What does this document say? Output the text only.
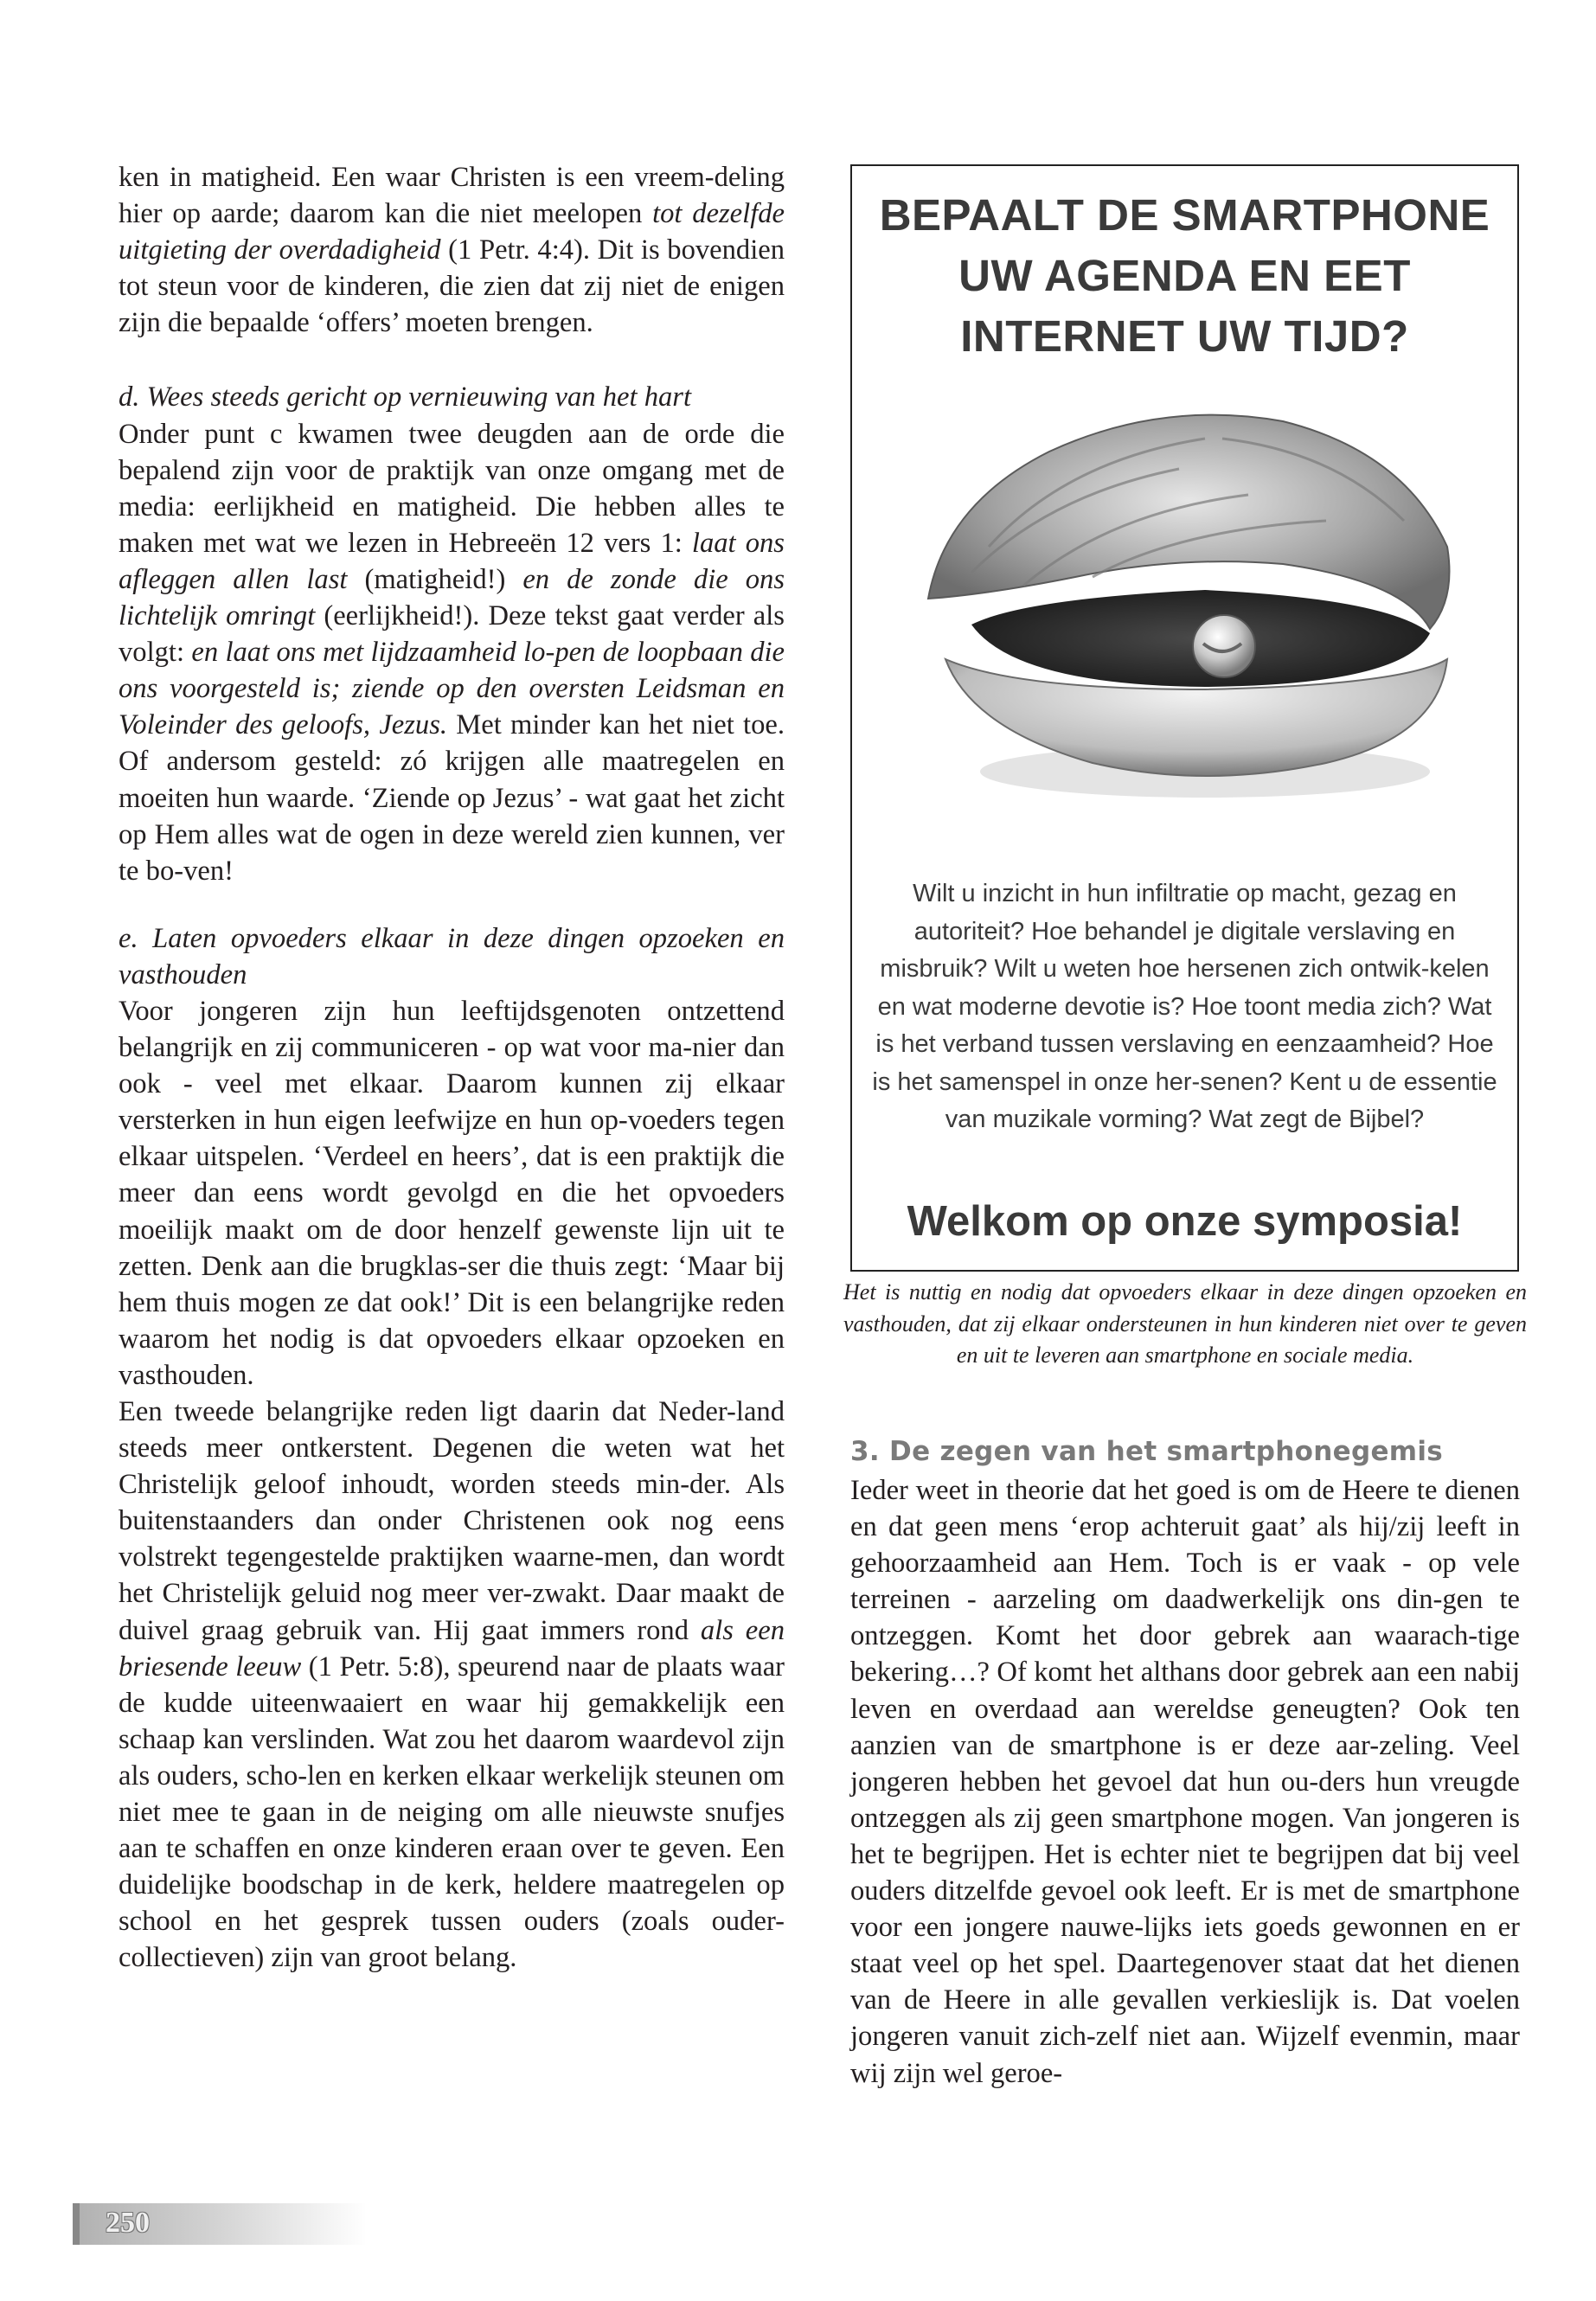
ken in matigheid. Een waar Christen is een vreem-deling hier op aarde; daarom kan die niet meelopen tot dezelfde uitgieting der overdadigheid (1 Petr. 4:4). Dit is bovendien tot steun voor de kinderen, die zien dat zij niet de enigen zijn die bepaalde ‘offers’ moeten brengen.

d. Wees steeds gericht op vernieuwing van het hart

Onder punt c kwamen twee deugden aan de orde die bepalend zijn voor de praktijk van onze omgang met de media: eerlijkheid en matigheid. Die hebben alles te maken met wat we lezen in Hebreeën 12 vers 1: laat ons afleggen allen last (matigheid!) en de zonde die ons lichtelijk omringt (eerlijkheid!). Deze tekst gaat verder als volgt: en laat ons met lijdzaamheid lo-pen de loopbaan die ons voorgesteld is; ziende op den oversten Leidsman en Voleinder des geloofs, Jezus. Met minder kan het niet toe. Of andersom gesteld: zó krijgen alle maatregelen en moeiten hun waarde. ‘Ziende op Jezus’ - wat gaat het zicht op Hem alles wat de ogen in deze wereld zien kunnen, ver te bo-ven!

e. Laten opvoeders elkaar in deze dingen opzoeken en vasthouden

Voor jongeren zijn hun leeftijdsgenoten ontzettend belangrijk en zij communiceren - op wat voor ma-nier dan ook - veel met elkaar. Daarom kunnen zij elkaar versterken in hun eigen leefwijze en hun op-voeders tegen elkaar uitspelen. ‘Verdeel en heers’, dat is een praktijk die meer dan eens wordt gevolgd en die het opvoeders moeilijk maakt om de door henzelf gewenste lijn uit te zetten. Denk aan die brugklas-ser die thuis zegt: ‘Maar bij hem thuis mogen ze dat ook!’ Dit is een belangrijke reden waarom het nodig is dat opvoeders elkaar opzoeken en vasthouden.

Een tweede belangrijke reden ligt daarin dat Neder-land steeds meer ontkerstent. Degenen die weten wat het Christelijk geloof inhoudt, worden steeds min-der. Als buitenstaanders dan onder Christenen ook nog eens volstrekt tegengestelde praktijken waarne-men, dan wordt het Christelijk geluid nog meer ver-zwakt. Daar maakt de duivel graag gebruik van. Hij gaat immers rond als een briesende leeuw (1 Petr. 5:8), speurend naar de plaats waar de kudde uiteenwaaiert en waar hij gemakkelijk een schaap kan verslinden. Wat zou het daarom waardevol zijn als ouders, scho-len en kerken elkaar werkelijk steunen om niet mee te gaan in de neiging om alle nieuwste snufjes aan te schaffen en onze kinderen eraan over te geven. Een duidelijke boodschap in de kerk, heldere maatregelen op school en het gesprek tussen ouders (zoals ouder-collectieven) zijn van groot belang.

BEPAALT DE SMARTPHONE
UW AGENDA EN EET
INTERNET UW TIJD?
Wilt u inzicht in hun infiltratie op macht, gezag en autoriteit? Hoe behandel je digitale verslaving en misbruik? Wilt u weten hoe hersenen zich ontwik-kelen en wat moderne devotie is? Hoe toont media zich? Wat is het verband tussen verslaving en eenzaamheid? Hoe is het samenspel in onze her-senen? Kent u de essentie van muzikale vorming? Wat zegt de Bijbel?
Welkom op onze symposia!
Het is nuttig en nodig dat opvoeders elkaar in deze dingen opzoeken en vasthouden, dat zij elkaar ondersteunen in hun kinderen niet over te geven en uit te leveren aan smartphone en sociale media.
3. De zegen van het smartphonegemis

Ieder weet in theorie dat het goed is om de Heere te dienen en dat geen mens ‘erop achteruit gaat’ als hij/zij leeft in gehoorzaamheid aan Hem. Toch is er vaak - op vele terreinen - aarzeling om daadwerkelijk ons din-gen te ontzeggen. Komt het door gebrek aan waarach-tige bekering…? Of komt het althans door gebrek aan een nabij leven en overdaad aan wereldse geneugten? Ook ten aanzien van de smartphone is er deze aar-zeling. Veel jongeren hebben het gevoel dat hun ou-ders hun vreugde ontzeggen als zij geen smartphone mogen. Van jongeren is het te begrijpen. Het is echter niet te begrijpen dat bij veel ouders ditzelfde gevoel ook leeft. Er is met de smartphone voor een jongere nauwe-lijks iets goeds gewonnen en er staat veel op het spel. Daartegenover staat dat het dienen van de Heere in alle gevallen verkieslijk is. Dat voelen jongeren vanuit zich-zelf niet aan. Wijzelf evenmin, maar wij zijn wel geroe-

250
